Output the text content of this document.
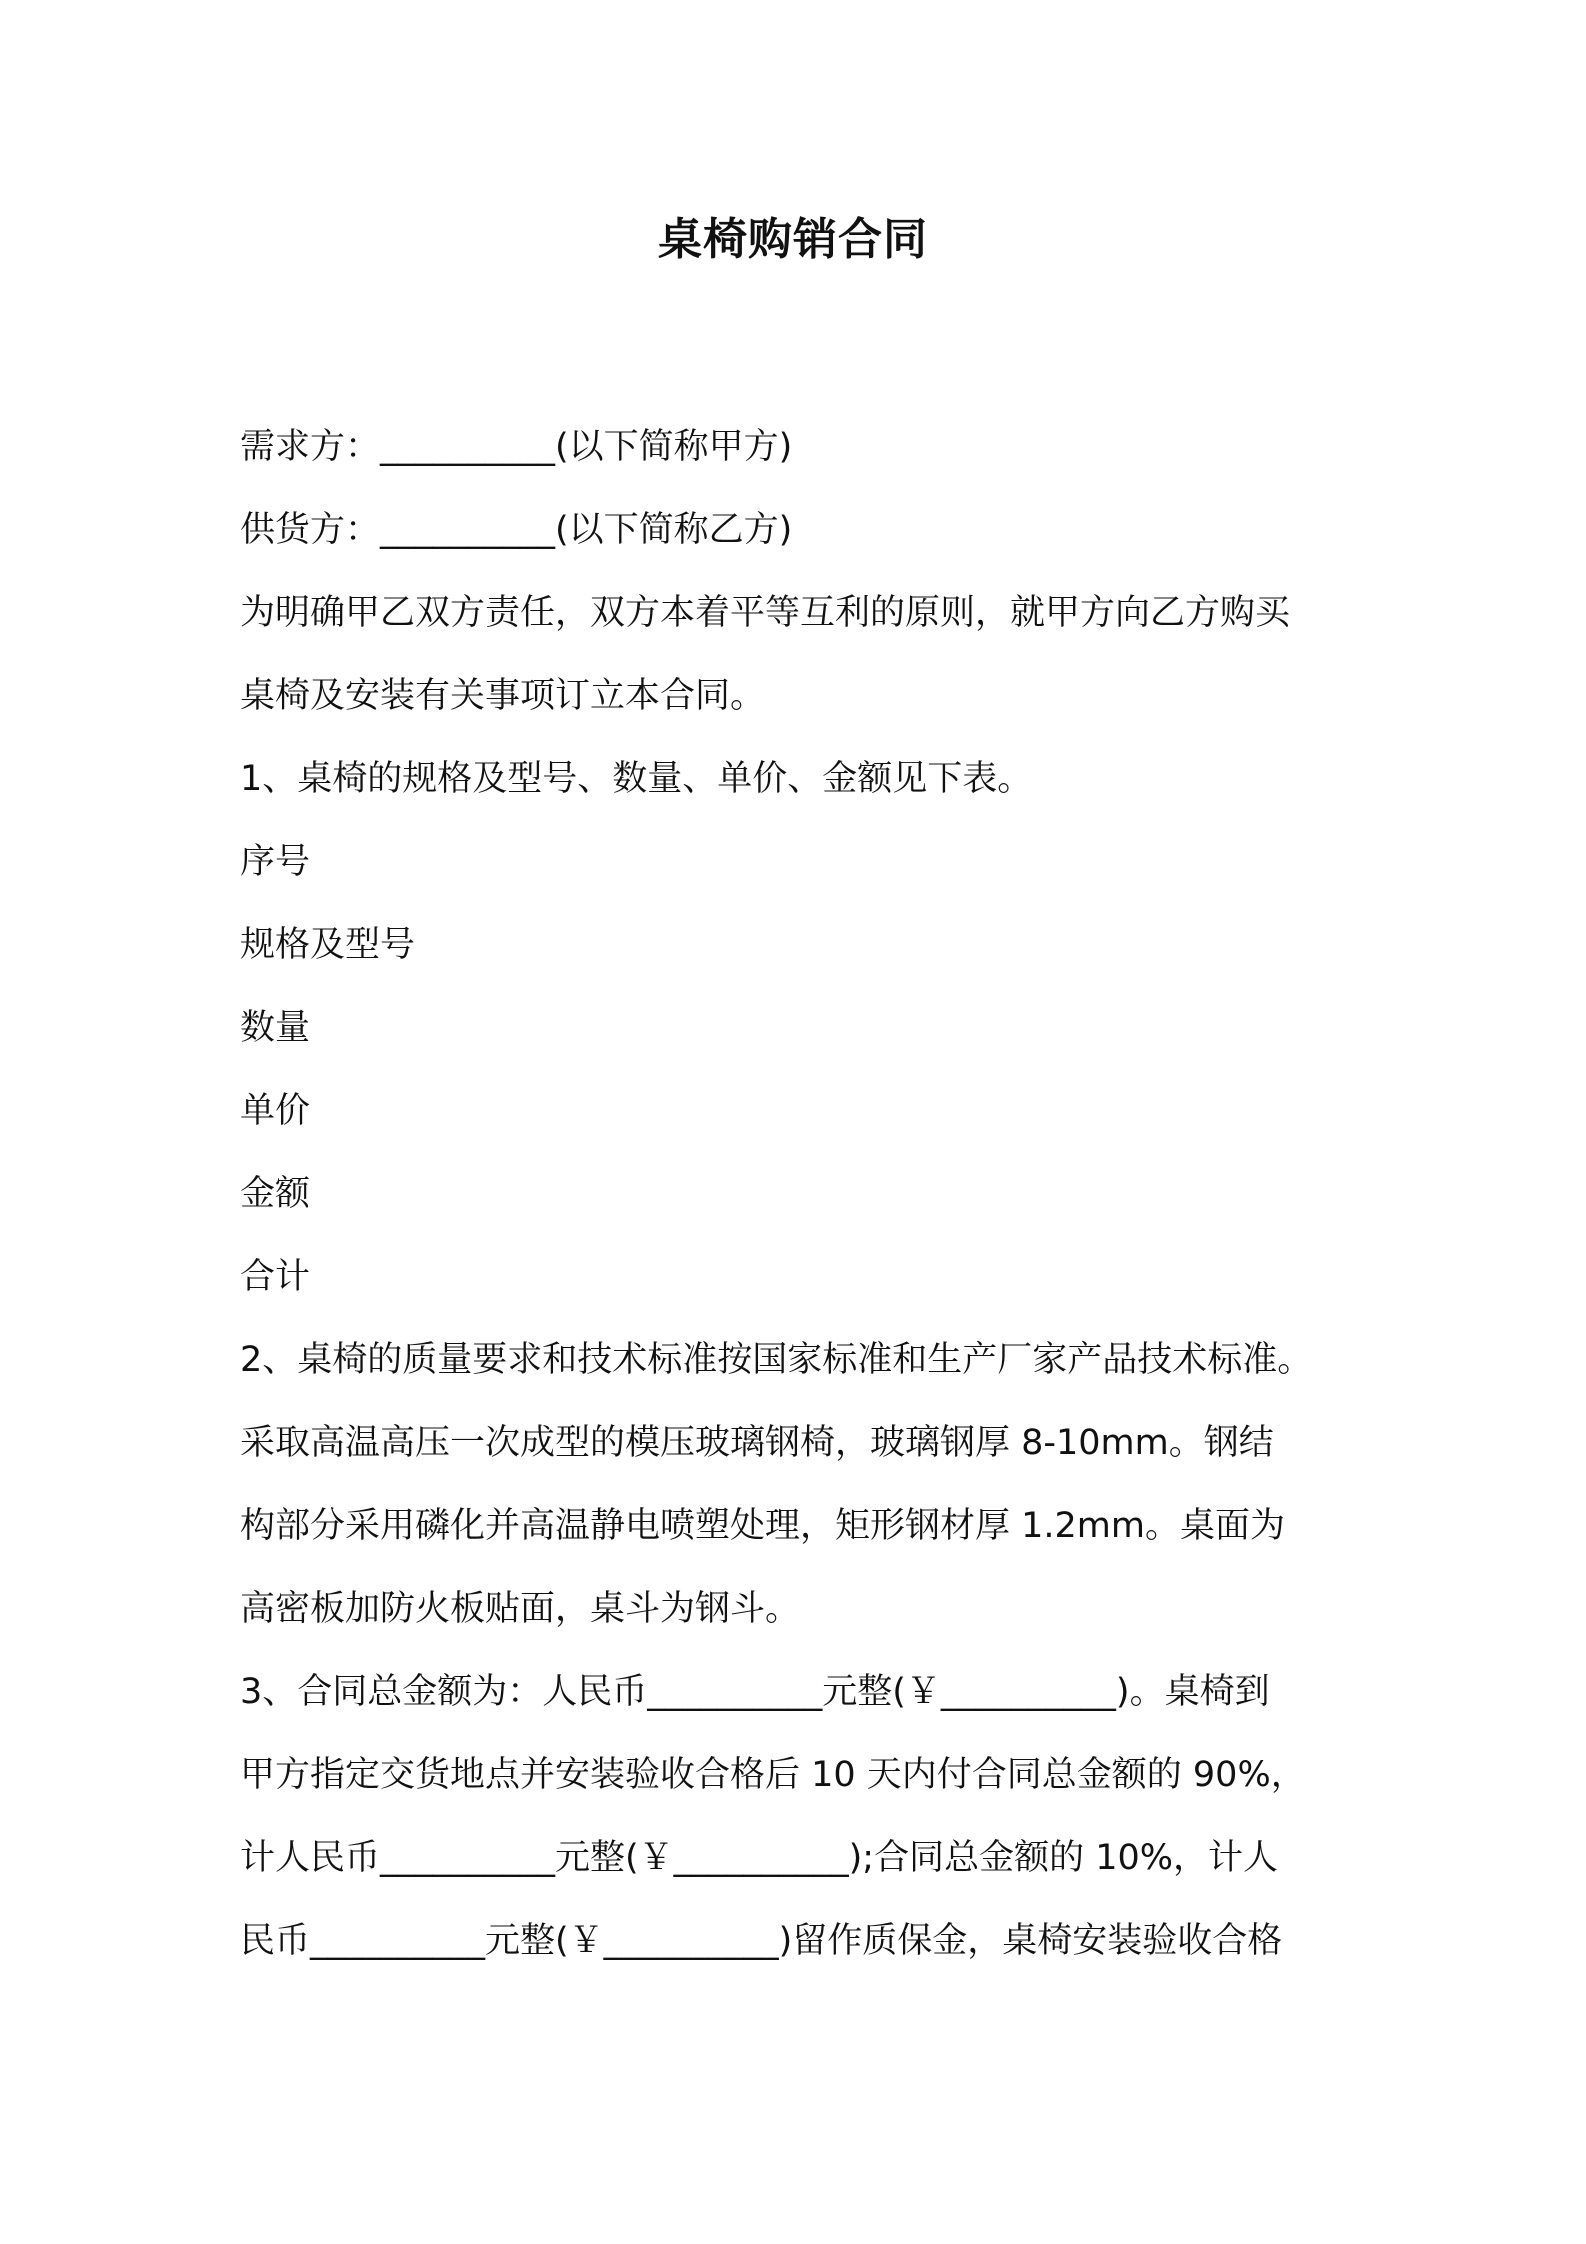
桌椅购销合同
需求方：__________(以下简称甲方)
供货方：__________(以下简称乙方)
为明确甲乙双方责任，双方本着平等互利的原则，就甲方向乙方购买
桌椅及安装有关事项订立本合同。
1、桌椅的规格及型号、数量、单价、金额见下表。
序号
规格及型号
数量
单价
金额
合计
2、桌椅的质量要求和技术标准按国家标准和生产厂家产品技术标准。
采取高温高压一次成型的模压玻璃钢椅，玻璃钢厚 8-10mm。钢结
构部分采用磷化并高温静电喷塑处理，矩形钢材厚 1.2mm。桌面为
高密板加防火板贴面，桌斗为钢斗。
3、合同总金额为：人民币__________元整(￥__________)。桌椅到
甲方指定交货地点并安装验收合格后 10 天内付合同总金额的 90%，
计人民币__________元整(￥__________);合同总金额的 10%，计人
民币__________元整(￥__________)留作质保金，桌椅安装验收合格
